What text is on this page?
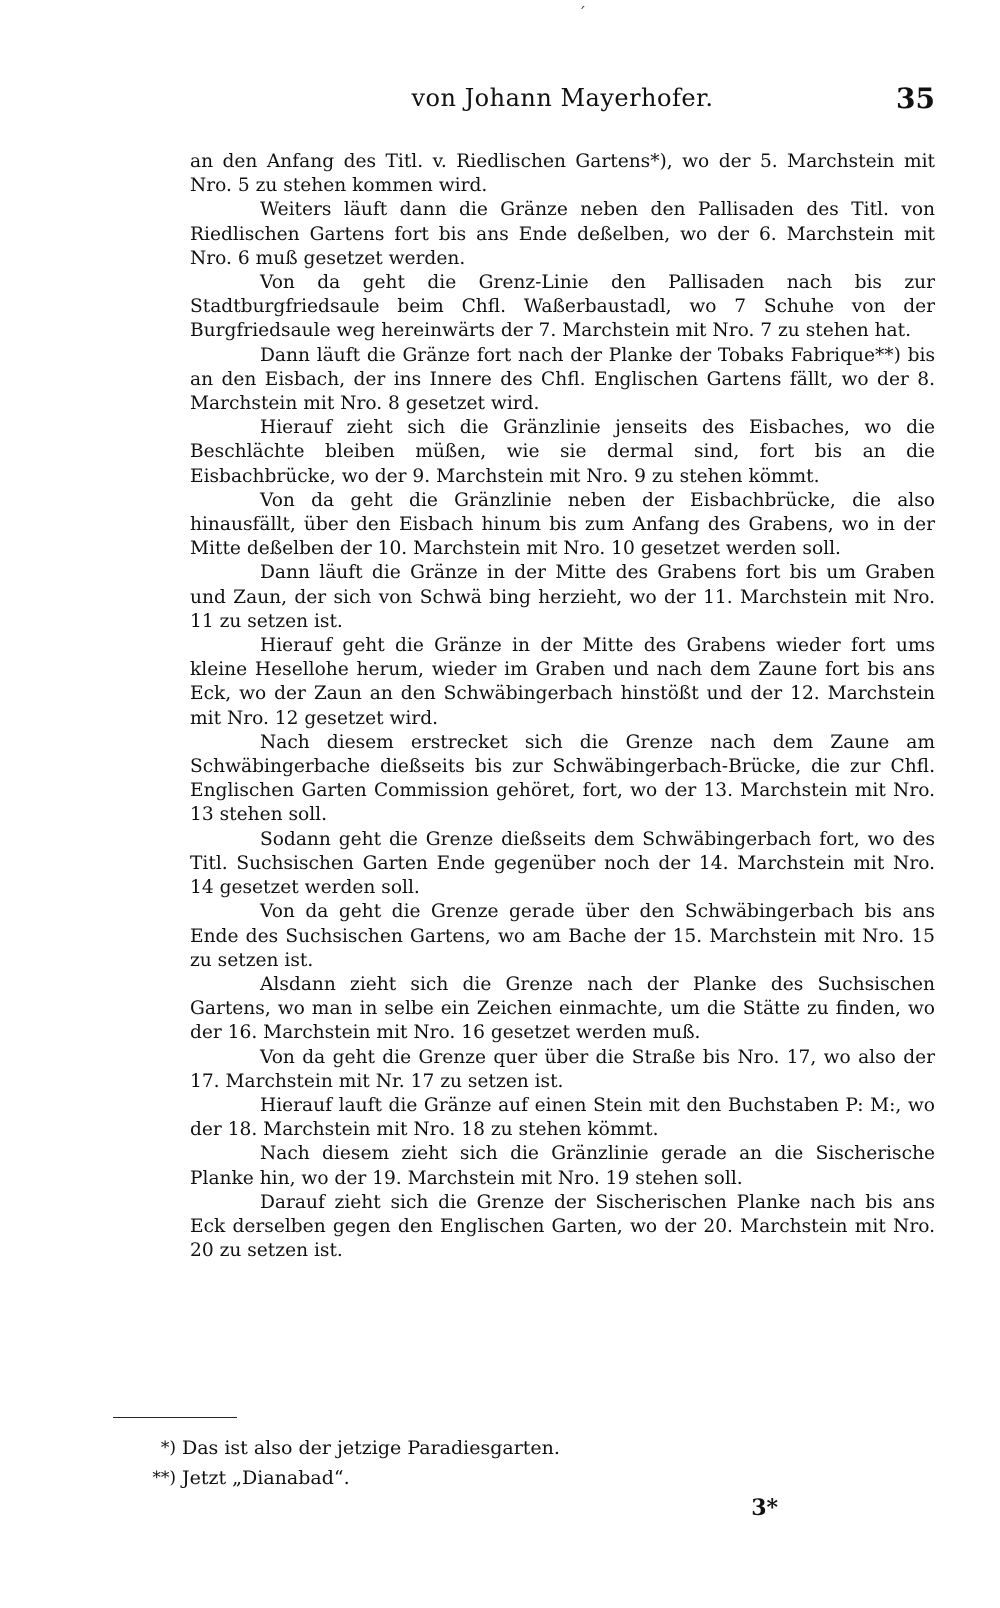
´
von Johann Mayerhofer.	35

an den Anfang des Titl. v. Riedlischen Gartens*), wo der 5. Marchstein mit Nro. 5 zu stehen kommen wird.

Weiters läuft dann die Gränze neben den Pallisaden des Titl. von Riedlischen Gartens fort bis ans Ende deßelben, wo der 6. Marchstein mit Nro. 6 muß gesetzet werden.

Von da geht die Grenz-Linie den Pallisaden nach bis zur Stadtburgfriedsaule beim Chfl. Waßerbaustadl, wo 7 Schuhe von der Burgfriedsaule weg hereinwärts der 7. Marchstein mit Nro. 7 zu stehen hat.

Dann läuft die Gränze fort nach der Planke der Tobaks Fabrique**) bis an den Eisbach, der ins Innere des Chfl. Englischen Gartens fällt, wo der 8. Marchstein mit Nro. 8 gesetzet wird.

Hierauf zieht sich die Gränzlinie jenseits des Eisbaches, wo die Beschlächte bleiben müßen, wie sie dermal sind, fort bis an die Eisbachbrücke, wo der 9. Marchstein mit Nro. 9 zu stehen kömmt.

Von da geht die Gränzlinie neben der Eisbachbrücke, die also hinausfällt, über den Eisbach hinum bis zum Anfang des Grabens, wo in der Mitte deßelben der 10. Marchstein mit Nro. 10 gesetzet werden soll.

Dann läuft die Gränze in der Mitte des Grabens fort bis um Graben und Zaun, der sich von Schwä bing herzieht, wo der 11. Marchstein mit Nro. 11 zu setzen ist.

Hierauf geht die Gränze in der Mitte des Grabens wieder fort ums kleine Hesellohe herum, wieder im Graben und nach dem Zaune fort bis ans Eck, wo der Zaun an den Schwäbingerbach hinstößt und der 12. Marchstein mit Nro. 12 gesetzet wird.

Nach diesem erstrecket sich die Grenze nach dem Zaune am Schwäbingerbache dießseits bis zur Schwäbingerbach-Brücke, die zur Chfl. Englischen Garten Commission gehöret, fort, wo der 13. Marchstein mit Nro. 13 stehen soll.

Sodann geht die Grenze dießseits dem Schwäbingerbach fort, wo des Titl. Suchsischen Garten Ende gegenüber noch der 14. Marchstein mit Nro. 14 gesetzet werden soll.

Von da geht die Grenze gerade über den Schwäbingerbach bis ans Ende des Suchsischen Gartens, wo am Bache der 15. Marchstein mit Nro. 15 zu setzen ist.

Alsdann zieht sich die Grenze nach der Planke des Suchsischen Gartens, wo man in selbe ein Zeichen einmachte, um die Stätte zu finden, wo der 16. Marchstein mit Nro. 16 gesetzet werden muß.

Von da geht die Grenze quer über die Straße bis Nro. 17, wo also der 17. Marchstein mit Nr. 17 zu setzen ist.

Hierauf lauft die Gränze auf einen Stein mit den Buchstaben P: M:, wo der 18. Marchstein mit Nro. 18 zu stehen kömmt.

Nach diesem zieht sich die Gränzlinie gerade an die Sischerische Planke hin, wo der 19. Marchstein mit Nro. 19 stehen soll.

Darauf zieht sich die Grenze der Sischerischen Planke nach bis ans Eck derselben gegen den Englischen Garten, wo der 20. Marchstein mit Nro. 20 zu setzen ist.

*) Das ist also der jetzige Paradiesgarten.
**) Jetzt „Dianabad“.
3*
